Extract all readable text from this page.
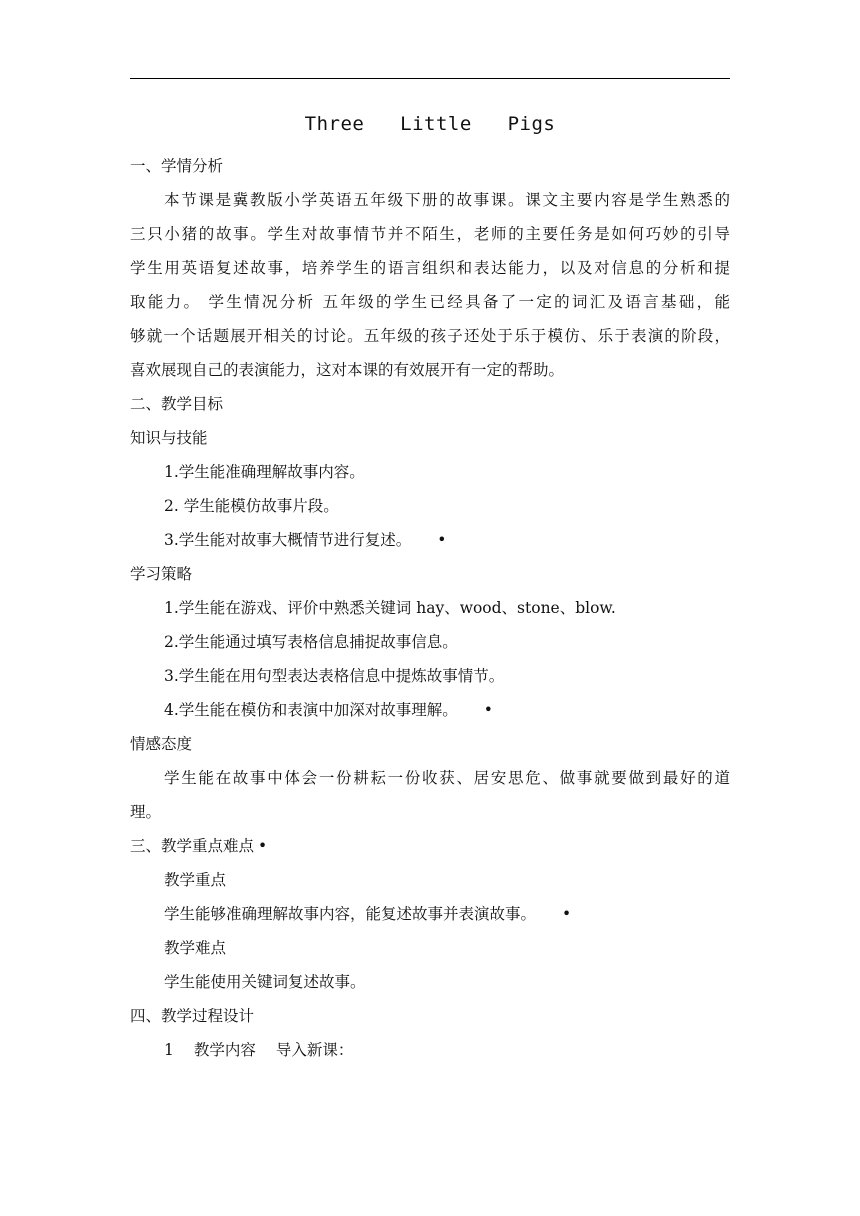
Three   Little   Pigs
一、学情分析
本节课是冀教版小学英语五年级下册的故事课。课文主要内容是学生熟悉的
三只小猪的故事。学生对故事情节并不陌生，老师的主要任务是如何巧妙的引导
学生用英语复述故事，培养学生的语言组织和表达能力，以及对信息的分析和提
取能力。 学生情况分析 五年级的学生已经具备了一定的词汇及语言基础，能
够就一个话题展开相关的讨论。五年级的孩子还处于乐于模仿、乐于表演的阶段，
喜欢展现自己的表演能力，这对本课的有效展开有一定的帮助。
二、教学目标
知识与技能
1.学生能准确理解故事内容。
2. 学生能模仿故事片段。
3.学生能对故事大概情节进行复述。 •
学习策略
1.学生能在游戏、评价中熟悉关键词 hay、wood、stone、blow.
2.学生能通过填写表格信息捕捉故事信息。
3.学生能在用句型表达表格信息中提炼故事情节。
4.学生能在模仿和表演中加深对故事理解。 •
情感态度
学生能在故事中体会一份耕耘一份收获、居安思危、做事就要做到最好的道
理。
三、教学重点难点 •
教学重点
学生能够准确理解故事内容，能复述故事并表演故事。 •
教学难点
学生能使用关键词复述故事。
四、教学过程设计
1 教学内容 导入新课：
